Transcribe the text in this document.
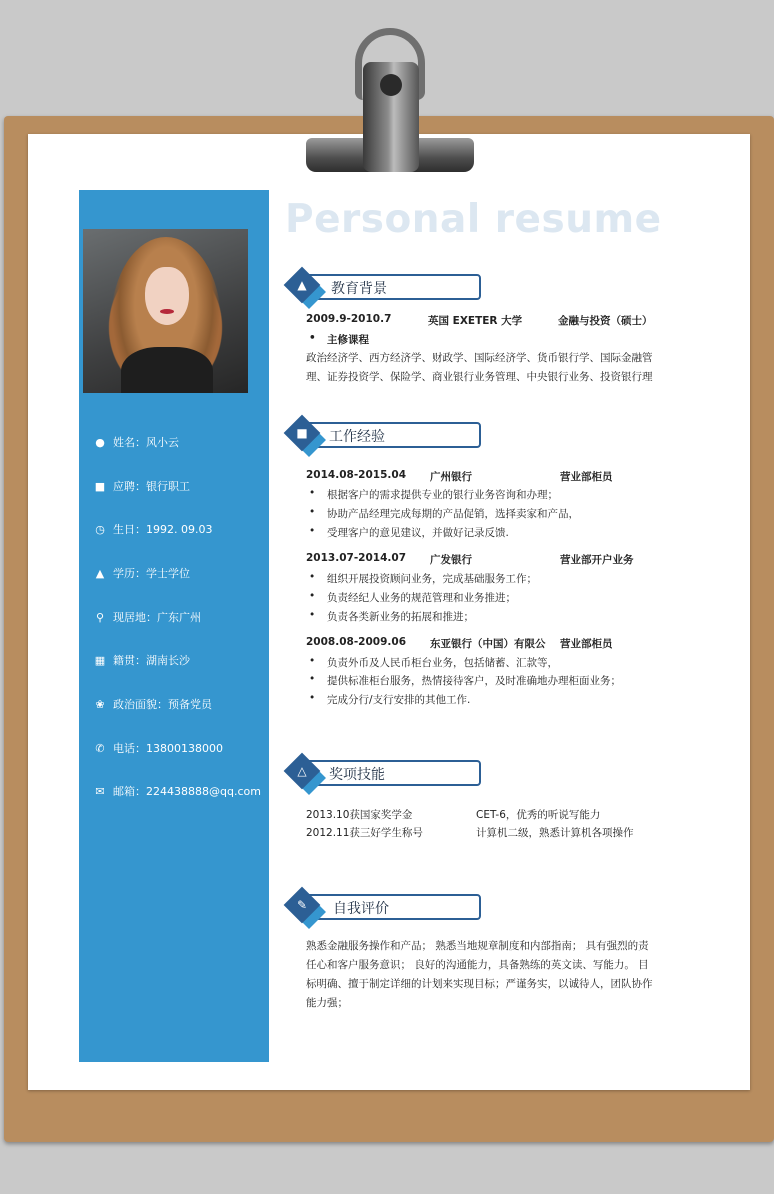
● 姓名：风小云
■ 应聘：银行职工
◷ 生日：1992. 09.03
▲ 学历：学士学位
⚲ 现居地：广东广州
▦ 籍贯：湖南长沙
❀ 政治面貌：预备党员
✆ 电话：13800138000
✉ 邮箱：224438888@qq.com
Personal resume
▲	教育背景
2009.9-2010.7	英国 EXETER 大学	金融与投资（硕士）
• 主修课程
政治经济学、西方经济学、财政学、国际经济学、货币银行学、国际金融管
理、证券投资学、保险学、商业银行业务管理、中央银行业务、投资银行理
■	工作经验
2014.08-2015.04 广州银行	营业部柜员
• 根据客户的需求提供专业的银行业务咨询和办理；
• 协助产品经理完成每期的产品促销，选择卖家和产品，
• 受理客户的意见建议，并做好记录反馈.
2013.07-2014.07 广发银行	营业部开户业务
• 组织开展投资顾问业务，完成基础服务工作；
• 负责经纪人业务的规范管理和业务推进；
• 负责各类新业务的拓展和推进；
2008.08-2009.06 东亚银行（中国）有限公 营业部柜员
• 负责外币及人民币柜台业务，包括储蓄、汇款等，
• 提供标准柜台服务，热情接待客户，及时准确地办理柜面业务；
• 完成分行/支行安排的其他工作.
△	奖项技能
2013.10获国家奖学金	CET-6，优秀的听说写能力
2012.11获三好学生称号	计算机二级，熟悉计算机各项操作
✎	自我评价
熟悉金融服务操作和产品； 熟悉当地规章制度和内部指南； 具有强烈的责
任心和客户服务意识； 良好的沟通能力，具备熟练的英文读、写能力。 目
标明确、擅于制定详细的计划来实现目标；严谨务实，以诚待人，团队协作
能力强；
